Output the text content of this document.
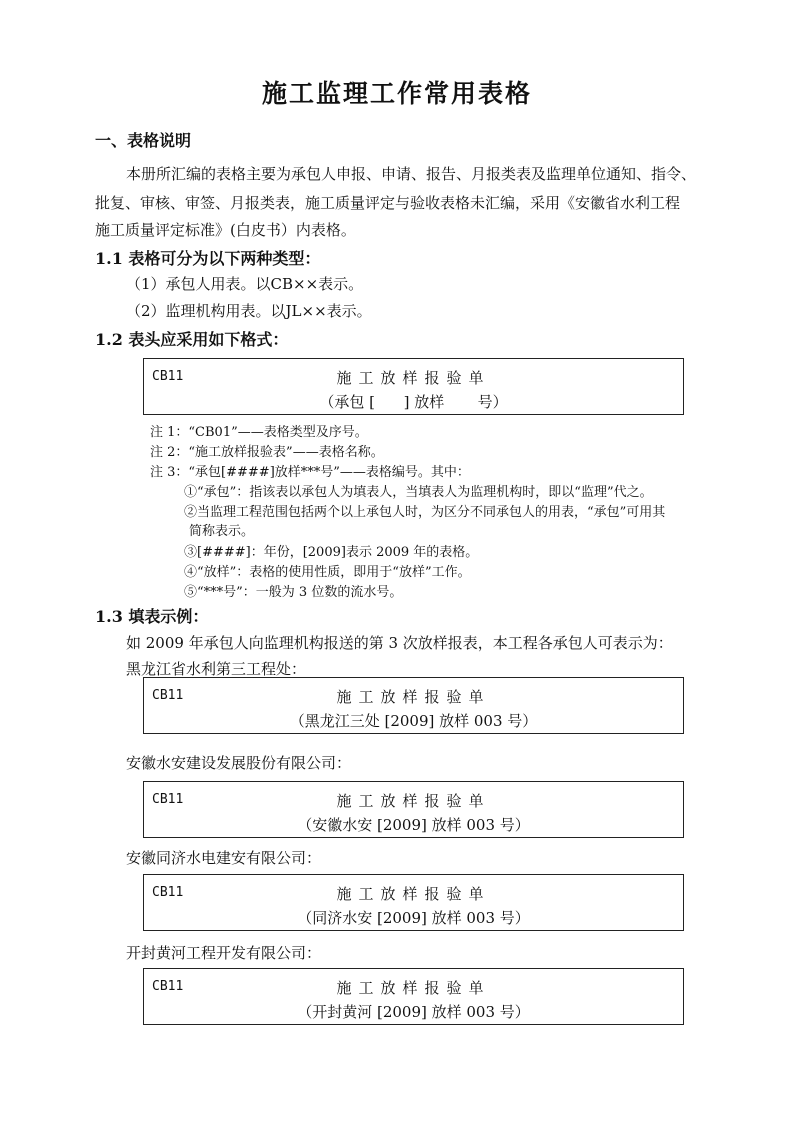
施工监理工作常用表格
一、表格说明
本册所汇编的表格主要为承包人申报、申请、报告、月报类表及监理单位通知、指令、
批复、审核、审签、月报类表，施工质量评定与验收表格未汇编，采用《安徽省水利工程
施工质量评定标准》(白皮书）内表格。
1.1 表格可分为以下两种类型：
（1）承包人用表。以CB××表示。
（2）监理机构用表。以JL××表示。
1.2 表头应采用如下格式：
CB11	施工放样报验单
（承包 [      ] 放样       号）
注 1：“CB01”——表格类型及序号。
注 2：“施工放样报验表”——表格名称。
注 3：“承包[####]放样***号”——表格编号。其中：
①“承包”：指该表以承包人为填表人，当填表人为监理机构时，即以“监理”代之。
②当监理工程范围包括两个以上承包人时，为区分不同承包人的用表，“承包”可用其
简称表示。
③[####]：年份，[2009]表示 2009 年的表格。
④“放样”：表格的使用性质，即用于“放样”工作。
⑤“***号”：一般为 3 位数的流水号。
1.3 填表示例：
如 2009 年承包人向监理机构报送的第 3 次放样报表，本工程各承包人可表示为：
黑龙江省水利第三工程处：
CB11	施工放样报验单
（黑龙江三处 [2009] 放样 003 号）
安徽水安建设发展股份有限公司：
CB11	施工放样报验单
（安徽水安 [2009] 放样 003 号）
安徽同济水电建安有限公司：
CB11	施工放样报验单
（同济水安 [2009] 放样 003 号）
开封黄河工程开发有限公司：
CB11	施工放样报验单
（开封黄河 [2009] 放样 003 号）
